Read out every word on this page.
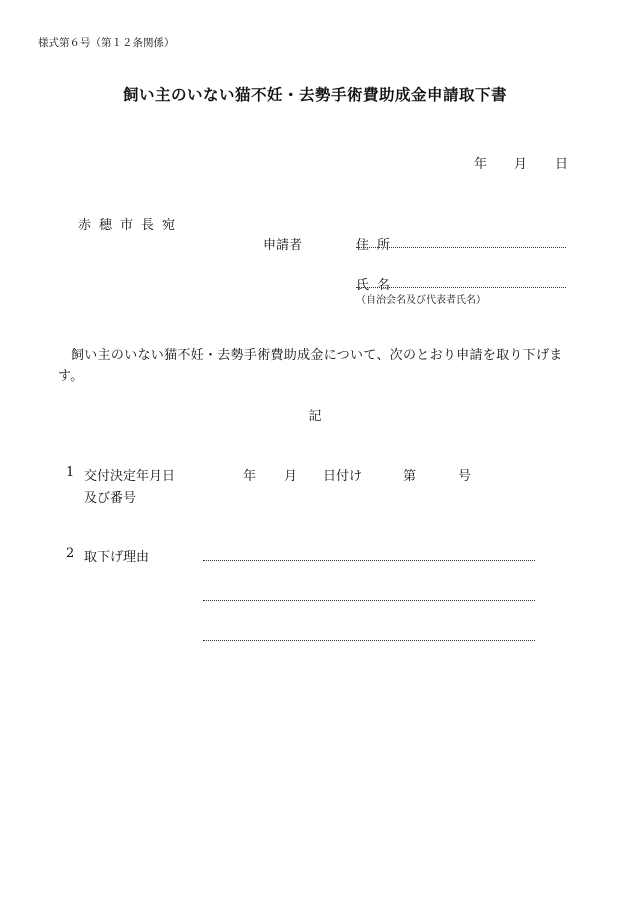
様式第６号（第１２条関係）
飼い主のいない猫不妊・去勢手術費助成金申請取下書
年 月 日
赤穂市長宛
申請者	住所
氏名
（自治会名及び代表者氏名）
飼い主のいない猫不妊・去勢手術費助成金について、次のとおり申請を取り下げます。
記
1 交付決定年月日
及び番号
年 月 日付け	第	号
2 取下げ理由
